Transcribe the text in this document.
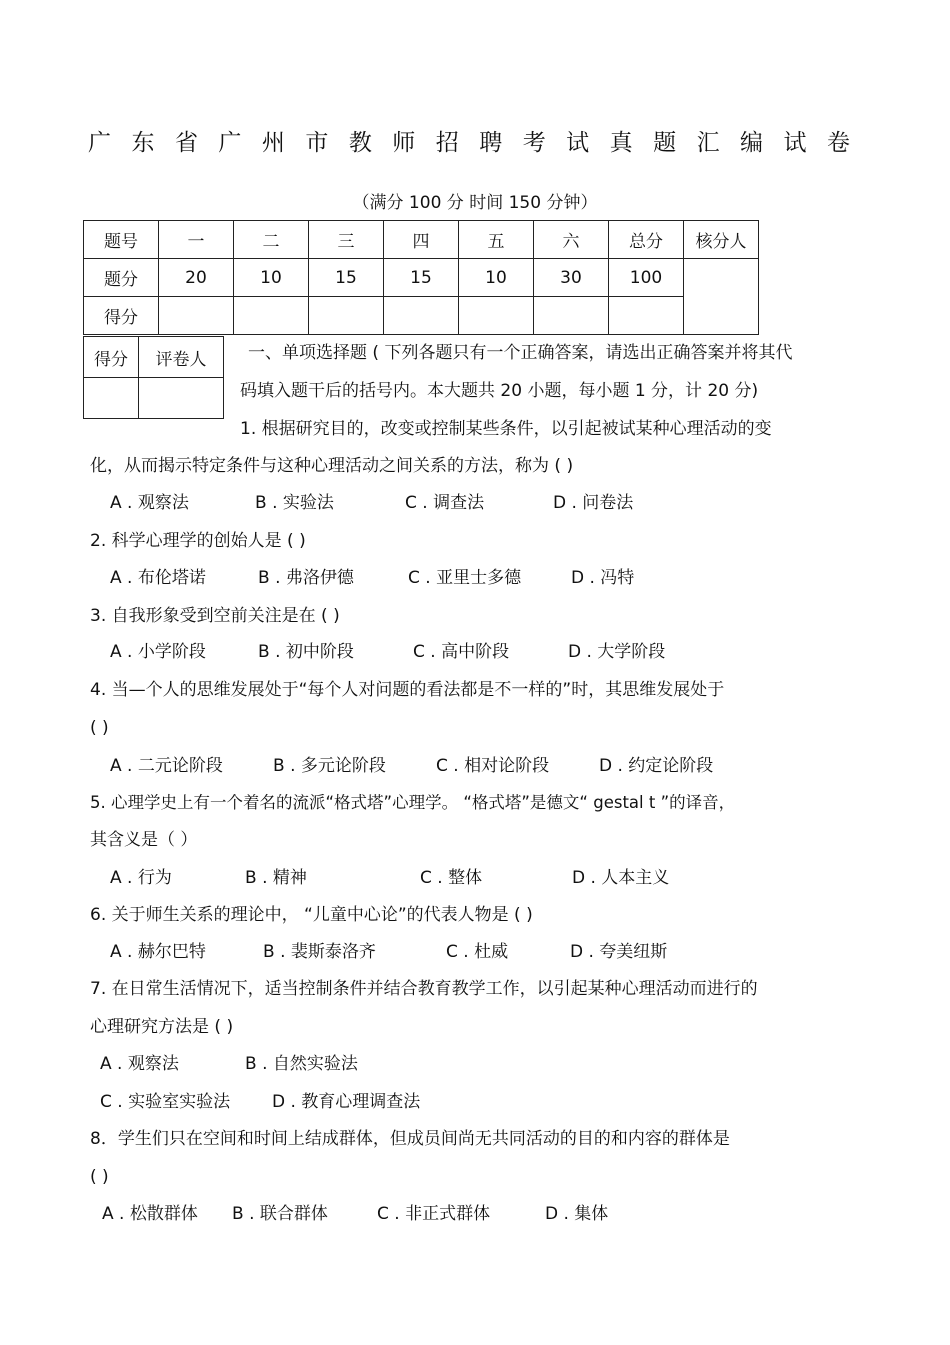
广 东 省 广 州 市 教 师 招 聘 考 试 真 题 汇 编 试 卷
（满分 100 分 时间 150 分钟）
题号	一	二	三	四	五	六	总分	核分人
题分	20	10	15	15	10	30	100	
得分								
得分	评卷人
	一、单项选择题 ( 下列各题只有一个正确答案，请选出正确答案并将其代
码填入题干后的括号内。本大题共 20 小题，每小题 1 分，计 20 分)
1. 根据研究目的，改变或控制某些条件，以引起被试某种心理活动的变
化，从而揭示特定条件与这种心理活动之间关系的方法，称为 ( )
A . 观察法	B . 实验法	C . 调查法	D . 问卷法
2. 科学心理学的创始人是 ( )
A . 布伦塔诺	B . 弗洛伊德	C . 亚里士多德	D . 冯特
3. 自我形象受到空前关注是在 ( )
A . 小学阶段	B . 初中阶段	C . 高中阶段	D . 大学阶段
4. 当—个人的思维发展处于“每个人对问题的看法都是不一样的”时，其思维发展处于
( )
A . 二元论阶段	B . 多元论阶段	C . 相对论阶段	D . 约定论阶段
5. 心理学史上有一个着名的流派“格式塔”心理学。 “格式塔”是德文“ gestal t ”的译音，
其含义是（ ）
A . 行为	B . 精神	C . 整体	D . 人本主义
6. 关于师生关系的理论中， “儿童中心论”的代表人物是 ( )
A . 赫尔巴特	B . 裴斯泰洛齐	C . 杜威	D . 夸美纽斯
7. 在日常生活情况下，适当控制条件并结合教育教学工作，以引起某种心理活动而进行的
心理研究方法是 ( )
A . 观察法	B . 自然实验法
C . 实验室实验法 D . 教育心理调查法
8．学生们只在空间和时间上结成群体，但成员间尚无共同活动的目的和内容的群体是
( )
A . 松散群体 B . 联合群体	C . 非正式群体	D . 集体
